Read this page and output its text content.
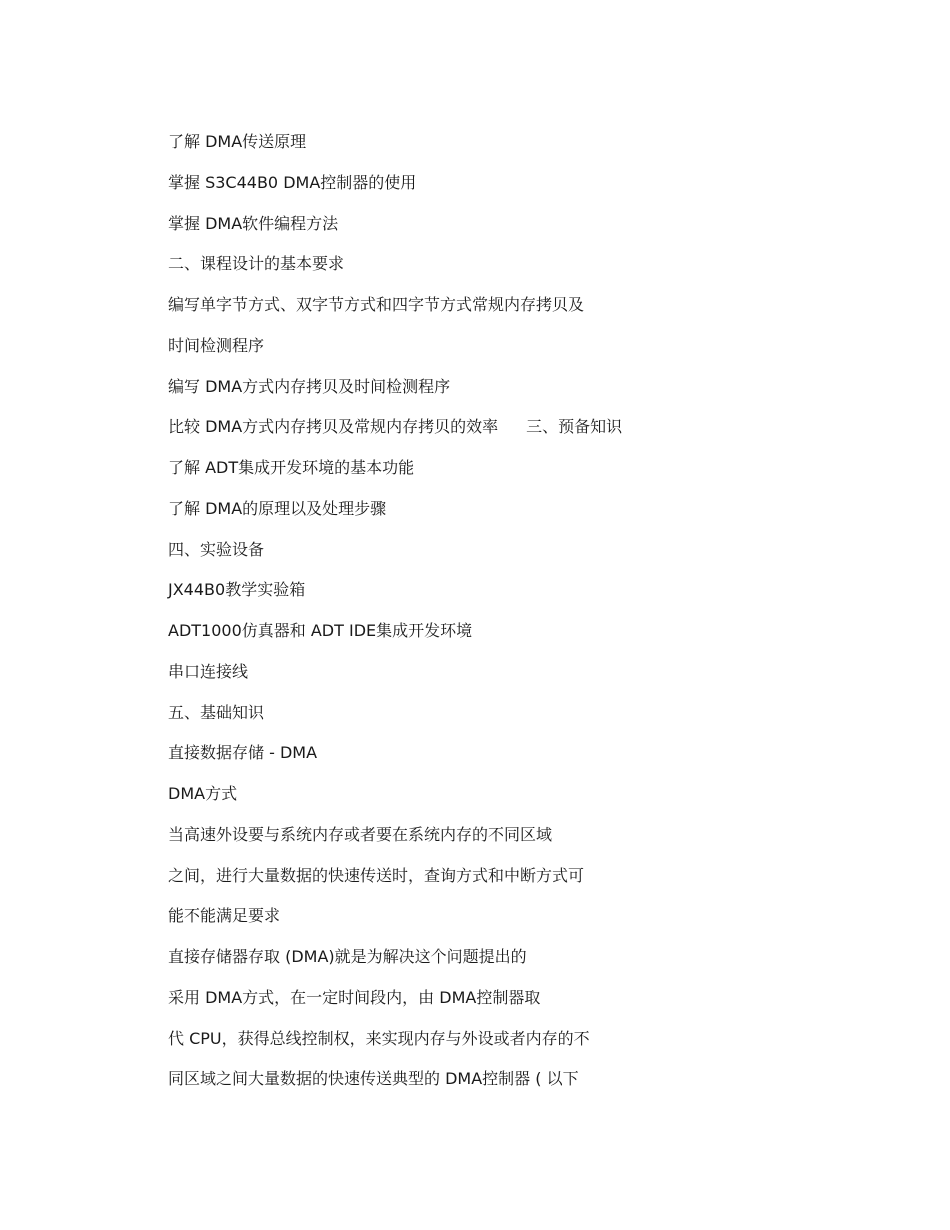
了解 DMA传送原理
掌握 S3C44B0 DMA控制器的使用
掌握 DMA软件编程方法
二、课程设计的基本要求
编写单字节方式、双字节方式和四字节方式常规内存拷贝及
时间检测程序
编写 DMA方式内存拷贝及时间检测程序
比较 DMA方式内存拷贝及常规内存拷贝的效率 三、预备知识
了解 ADT集成开发环境的基本功能
了解 DMA的原理以及处理步骤
四、实验设备
JX44B0教学实验箱
ADT1000仿真器和 ADT IDE集成开发环境
串口连接线
五、基础知识
直接数据存储 - DMA
DMA方式
当高速外设要与系统内存或者要在系统内存的不同区域
之间，进行大量数据的快速传送时，查询方式和中断方式可
能不能满足要求
直接存储器存取 (DMA)就是为解决这个问题提出的
采用 DMA方式，在一定时间段内，由 DMA控制器取
代 CPU，获得总线控制权，来实现内存与外设或者内存的不
同区域之间大量数据的快速传送典型的 DMA控制器 ( 以下
